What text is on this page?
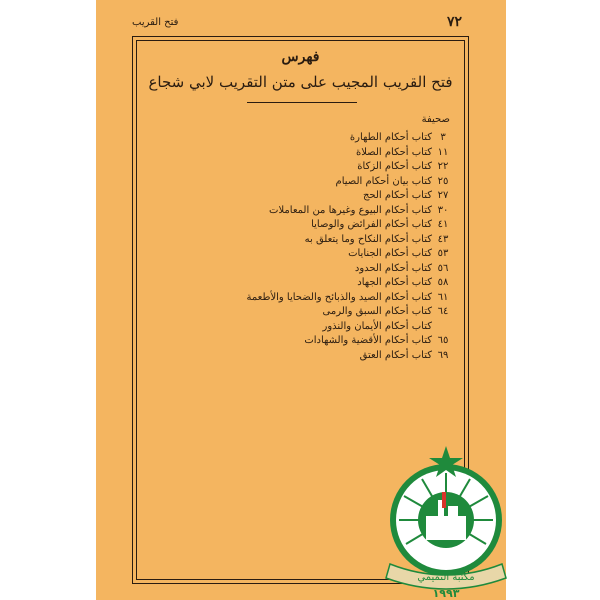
٧٢
فتح القريب
فهرس
فتح القريب المجيب على متن التقريب لابي شجاع
صحيفة
٣كتاب أحكام الطهارة
١١كتاب أحكام الصلاة
٢٢كتاب أحكام الزكاة
٢٥كتاب بيان أحكام الصيام
٢٧كتاب أحكام الحج
٣٠كتاب أحكام البيوع وغيرها من المعاملات
٤١كتاب أحكام الفرائض والوصايا
٤٣كتاب أحكام النكاح وما يتعلق به
٥٣كتاب أحكام الجنايات
٥٦كتاب أحكام الحدود
٥٨كتاب أحكام الجهاد
٦١كتاب أحكام الصيد والذبائح والضحايا والأطعمة
٦٤كتاب أحكام السبق والرمى
كتاب أحكام الأيمان والنذور
٦٥كتاب أحكام الأقضية والشهادات
٦٩كتاب أحكام العتق
مكتبة التميمي
١٩٩٣
